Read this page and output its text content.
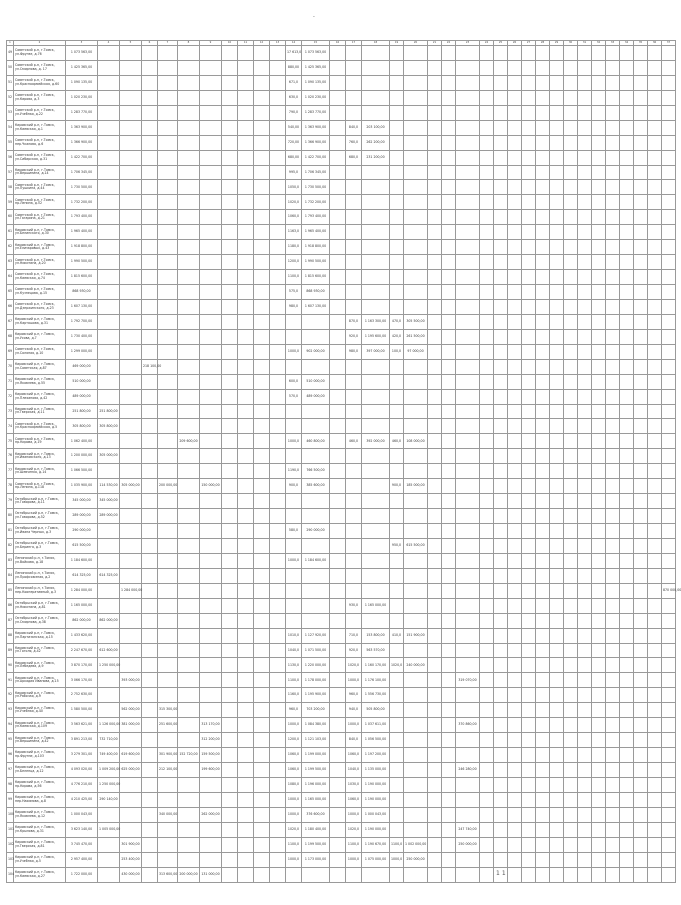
-
1	2	3	4	5	6	7	8	9	10	11	12	13	14	15	16	17	18	19	20	21	22	23	24	25	26	27	28	29	30	31	32	33	34	35	36	37
49	Советский р-н, г.Томск, ул.Фрунзе, д.76	1 073 563,00											17 613,0	1 073 563,00																						
50	Советский р-н, г.Томск, ул.Смирнова, д. 17	1 425 365,00											880,00	1 425 365,00																						
51	Советский р-н, г.Томск, ул.Красноармейская, д.60	1 090 135,00											671,0	1 090 135,00																						
52	Советский р-н, г.Томск, ул.Кирова, д.3	1 020 230,00											630,0	1 020 230,00																						
53	Советский р-н, г.Томск, ул.Учебная, д.22	1 283 770,00											790,0	1 283 770,00																						
54	Кировский р-н, г.Томск, ул.Киевская, д.1	1 363 900,00											540,00	1 363 900,00		840,0	203 100,00																			
55	Советский р-н, г.Томск, пер.Чкалова, д.6	1 366 900,00											720,00	1 366 900,00		760,0	262 200,00																			
56	Советский р-н, г.Томск, ул.Сибирская, д.31	1 422 700,00											680,00	1 422 700,00		680,0	231 200,00																			
57	Кировский р-н, г.Томск, ул.Вершинина, д.14	1 706 345,00											995,0	1 706 345,00																						
58	Советский р-н, г.Томск, ул.Пушкина, д.44	1 730 500,00											1050,0	1 730 500,00																						
59	Советский р-н, г.Томск, пр.Ленина, д.52	1 732 200,00											1020,0	1 732 200,00																						
60	Советский р-н, г.Томск, ул.Гагарина, д.21	1 793 400,00											1060,0	1 793 400,00																						
61	Кировский р-н, г.Томск, ул.Белинского, д.30	1 965 400,00											1163,0	1 965 400,00																						
62	Кировский р-н, г.Томск, ул.Елизаровых, д.43	1 918 800,00											1180,0	1 918 800,00																						
63	Советский р-н, г.Томск, ул.Никитина, д.20	1 990 500,00											1200,0	1 990 500,00																						
64	Советский р-н, г.Томск, ул.Киевская, д.74	1 815 600,00											1100,0	1 815 600,00																						
65	Советский р-н, г.Томск, ул.Кузнецова, д.15	868 930,00											575,0	868 930,00																						
66	Советский р-н, г.Томск, ул.Дзержинского, д.23	1 607 130,00											980,0	1 607 130,00																						
67	Кировский р-н, г.Томск, ул.Карташова, д.31	1 792 700,00														870,0	1 163 300,00	470,0	305 500,00																	
68	Кировский р-н, г.Томск, ул.Усова, д.7	1 730 400,00														920,0	1 195 600,00	420,0	261 500,00																	
69	Советский р-н, г.Томск, ул.Соляная, д.10	1 299 000,00											1000,0	902 000,00		980,0	397 000,00	100,0	97 000,00																	
70	Кировский р-н, г.Томск, ул.Советская, д.87	469 000,00			218 100,00																															
71	Кировский р-н, г.Томск, ул.Яковлева, д.55	510 000,00											600,0	510 000,00																						
72	Кировский р-н, г.Томск, ул.Плеханова, д.42	489 000,00											570,0	489 000,00																						
73	Кировский р-н, г.Томск, ул.Тверская, д.11	251 800,00	251 800,00																																	
74	Советский р-н, г.Томск, ул.Красноармейская, д.5	305 800,00	305 800,00																																	
75	Советский р-н, г.Томск, пр.Кирова, д.19	1 062 400,00					209 600,00						1000,0	460 800,00		460,0	392 000,00	460,0	108 000,00																	
76	Кировский р-н, г.Томск, ул.Ивановского, д.13	1 200 000,00	305 000,00																																	
77	Кировский р-н, г.Томск, ул.Шевченко, д.14	1 066 500,00											1190,0	766 500,00																						
78	Советский р-н, г.Томск, пр.Ленина, д.118	1 035 900,00	114 530,00	305 000,00		200 000,00		150 000,00					900,0	385 600,00				900,0	185 000,00																	
79	Октябрьский р-н, г.Томск, ул.Говорова, д.11	345 000,00	345 000,00																																	
80	Октябрьский р-н, г.Томск, ул.Говорова, д.52	289 000,00	289 000,00																																	
81	Октябрьский р-н, г.Томск, ул.Ивана Черных, д.3	290 000,00											580,0	290 000,00																						
82	Октябрьский р-н, г.Томск, ул.Беринга, д.3	615 500,00																950,0	615 500,00																	
83	Ленинский р-н, г.Томск, ул.Войкова, д.18	1 184 600,00											1000,0	1 184 600,00																						
84	Ленинский р-н, г.Томск, ул.Профсоюзная, д.2	614 325,00	614 325,00																																	
85	Ленинский р-н, г.Томск, пер.Кооперативный, д.3	1 284 000,00		1 284 000,00																																870 000,00
86	Октябрьский р-н, г.Томск, ул.Никитина, д.81	1 165 000,00														930,0	1 165 000,00																			
87	Октябрьский р-н, г.Томск, ул.Смирнова, д.38	862 000,00	862 000,00																																	
88	Кировский р-н, г.Томск, ул.Партизанская, д.15	1 433 620,00											1010,0	1 127 920,00		710,0	153 800,00	410,0	151 900,00																	
89	Кировский р-н, г.Томск, ул.Гоголя, д.42	2 247 670,00	612 600,00										1040,0	1 071 500,00		920,0	563 570,00																			
90	Кировский р-н, г.Томск, ул.Лебедева, д.9	3 870 170,00	1 250 000,00										1130,0	1 220 000,00		1020,0	1 160 170,00	1020,0	240 000,00																	
91	Кировский р-н, г.Томск, ул.Аркадия Иванова, д.15	3 066 170,00		393 000,00									1100,0	1 178 000,00		1000,0	1 176 100,00					319 070,00														
92	Кировский р-н, г.Томск, ул.Рабочая, д.9	2 752 630,00											1160,0	1 195 900,00		960,0	1 556 730,00																			
93	Кировский р-н, г.Томск, ул.Учебная, д.40	1 580 500,00		562 000,00		315 300,00							960,0	703 200,00		940,0	505 800,00																			
94	Кировский р-н, г.Томск, ул.Киевская, д.109	3 563 621,00	1 126 000,00	381 000,00		251 600,00		313 170,00					1000,0	1 084 380,00		1000,0	1 037 611,00					370 860,00														
95	Кировский р-н, г.Томск, ул.Вершинина, д.42	3 891 213,00	732 710,00					312 200,00					1200,0	1 121 103,00		840,0	1 056 500,00																			
96	Кировский р-н, г.Томск, пр.Фрунзе, д.103	3 279 301,00	749 400,00	619 600,00		301 900,00	152 720,00	159 500,00					1060,0	1 199 000,00		1060,0	1 197 200,00																			
97	Кировский р-н, г.Томск, ул.Беленца, д.12	4 093 020,00	1 009 200,00	625 000,00		212 100,00		199 600,00					1060,0	1 199 500,00		1040,0	1 135 000,00					246 280,00														
98	Кировский р-н, г.Томск, пр.Кирова, д.56	4 776 210,00	1 250 000,00										1080,0	1 196 000,00		1030,0	1 190 000,00																			
99	Кировский р-н, г.Томск, пер.Нахимова, д.8	4 210 425,00	290 140,00										1000,0	1 165 000,00		1060,0	1 190 000,00																			
100	Кировский р-н, г.Томск, ул.Яковлева, д.12	1 000 043,00				340 000,00		262 000,00					1000,0	376 600,00		1000,0	1 000 043,00																			
101	Кировский р-н, г.Томск, ул.Крылова, д.31	3 623 140,00	1 005 000,00										1020,0	1 180 400,00		1020,0	1 190 000,00					247 740,00														
102	Кировский р-н, г.Томск, ул.Тверская, д.81	3 745 470,00		301 900,00									1100,0	1 199 500,00		1100,0	1 190 670,00	1100,0	1 002 000,00			250 000,00														
103	Кировский р-н, г.Томск, ул.Учебная, д.5	2 957 400,00		253 400,00									1000,0	1 173 000,00		1000,0	1 075 000,00	1000,0	250 000,00																	
104	Кировский р-н, г.Томск, ул.Киевская, д.27	1 722 000,00		430 000,00		313 600,00	200 000,00	131 000,00																													11
